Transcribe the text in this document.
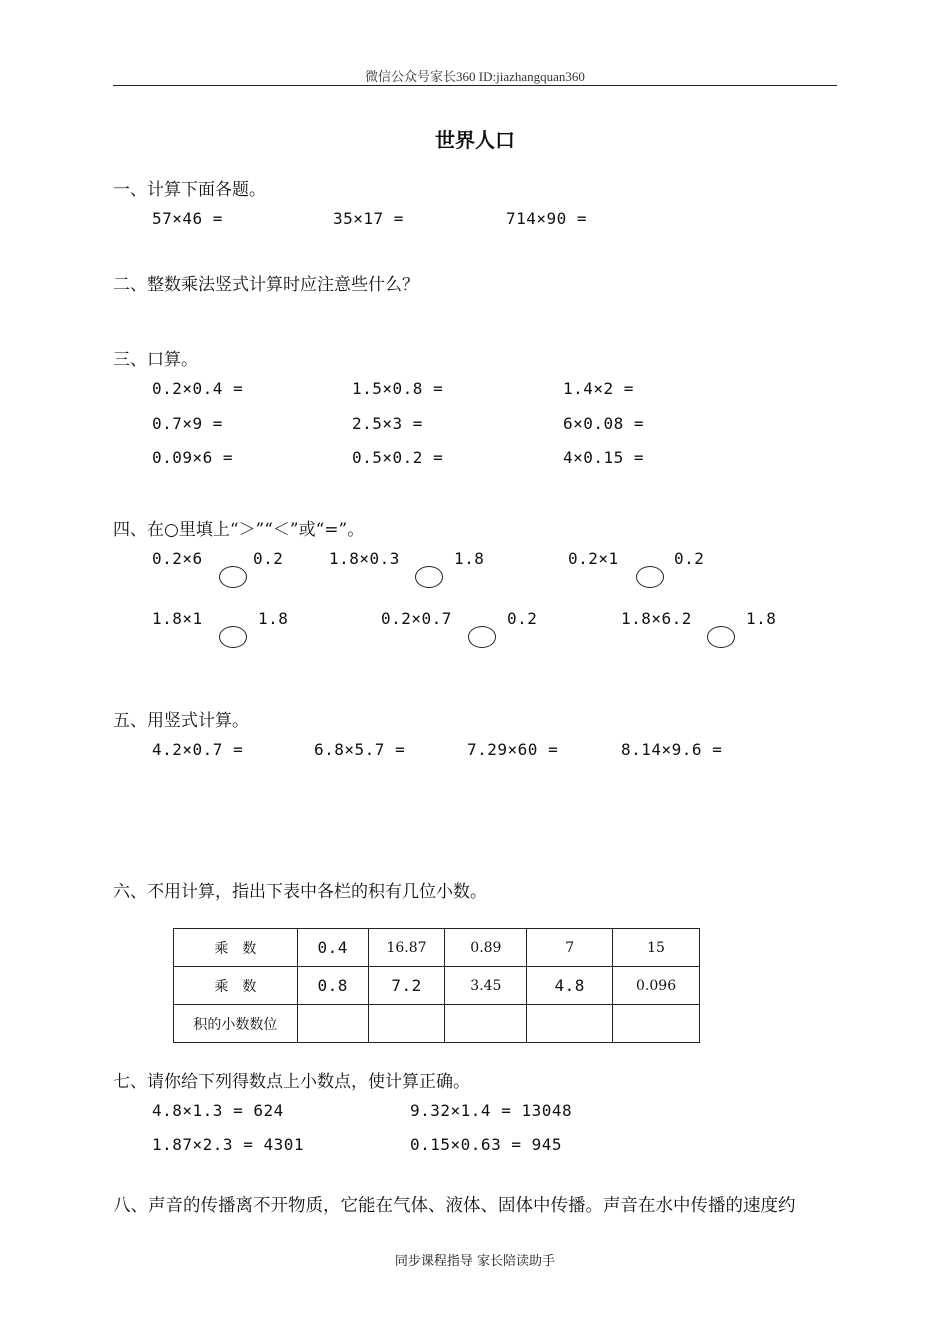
微信公众号家长360 ID:jiazhangquan360
世界人口
一、计算下面各题。
57×46 =	35×17 =	714×90 =
二、整数乘法竖式计算时应注意些什么？
三、口算。
0.2×0.4 =	1.5×0.8 =	1.4×2 =
0.7×9 =	2.5×3 =	6×0.08 =
0.09×6 =	0.5×0.2 =	4×0.15 =
四、在○里填上“＞”“＜”或“=”。
0.2×6	0.2	1.8×0.3	1.8	0.2×1	0.2
1.8×1	1.8	0.2×0.7	0.2	1.8×6.2	1.8
五、用竖式计算。
4.2×0.7 =	6.8×5.7 =	7.29×60 =	8.14×9.6 =
六、不用计算，指出下表中各栏的积有几位小数。
乘　数	0.4	16.87	0.89	7	15
乘　数	0.8	7.2	3.45	4.8	0.096
积的小数数位					
七、请你给下列得数点上小数点，使计算正确。
4.8×1.3 = 624	9.32×1.4 = 13048
1.87×2.3 = 4301	0.15×0.63 = 945
八、声音的传播离不开物质，它能在气体、液体、固体中传播。声音在水中传播的速度约
同步课程指导 家长陪读助手
